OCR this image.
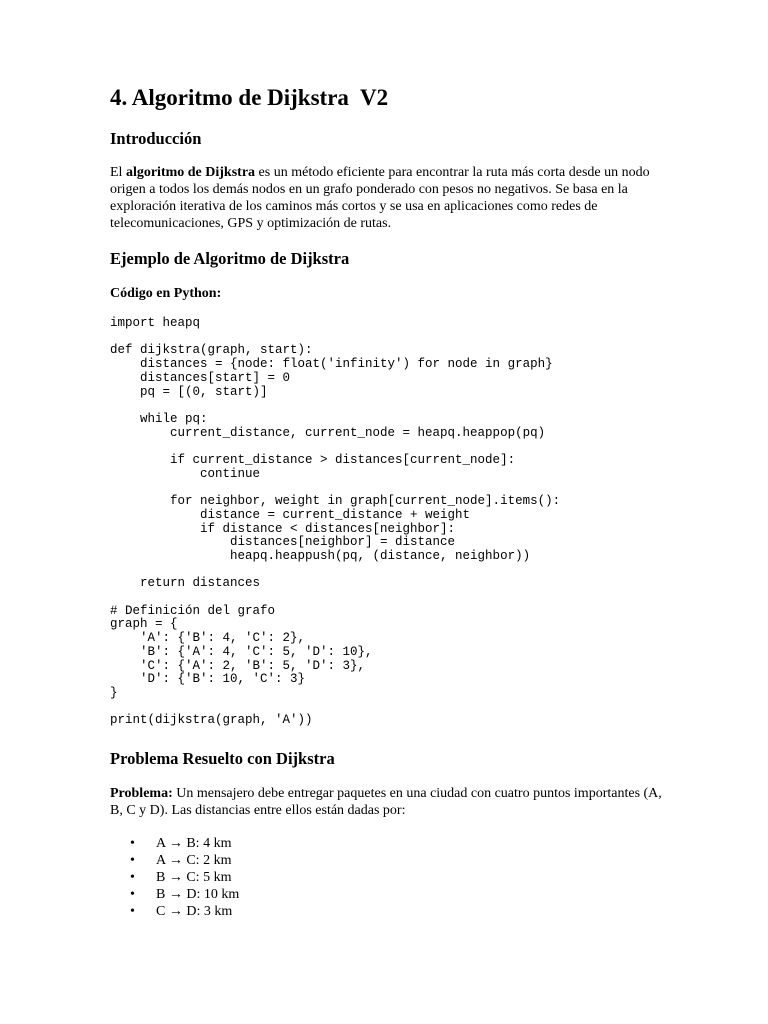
4. Algoritmo de Dijkstra  V2
Introducción

El algoritmo de Dijkstra es un método eficiente para encontrar la ruta más corta desde un nodo origen a todos los demás nodos en un grafo ponderado con pesos no negativos. Se basa en la exploración iterativa de los caminos más cortos y se usa en aplicaciones como redes de telecomunicaciones, GPS y optimización de rutas.

Ejemplo de Algoritmo de Dijkstra
Código en Python:
import heapq

def dijkstra(graph, start):
distances = {node: float('infinity') for node in graph}
distances[start] = 0
pq = [(0, start)]

while pq:
current_distance, current_node = heapq.heappop(pq)

if current_distance > distances[current_node]:
continue

for neighbor, weight in graph[current_node].items():
distance = current_distance + weight
if distance < distances[neighbor]:
distances[neighbor] = distance
heapq.heappush(pq, (distance, neighbor))

return distances

# Definición del grafo
graph = {
'A': {'B': 4, 'C': 2},
'B': {'A': 4, 'C': 5, 'D': 10},
'C': {'A': 2, 'B': 5, 'D': 3},
'D': {'B': 10, 'C': 3}
}

print(dijkstra(graph, 'A'))
Problema Resuelto con Dijkstra

Problema: Un mensajero debe entregar paquetes en una ciudad con cuatro puntos importantes (A, B, C y D). Las distancias entre ellos están dadas por:

• A → B: 4 km
• A → C: 2 km
• B → C: 5 km
• B → D: 10 km
• C → D: 3 km
